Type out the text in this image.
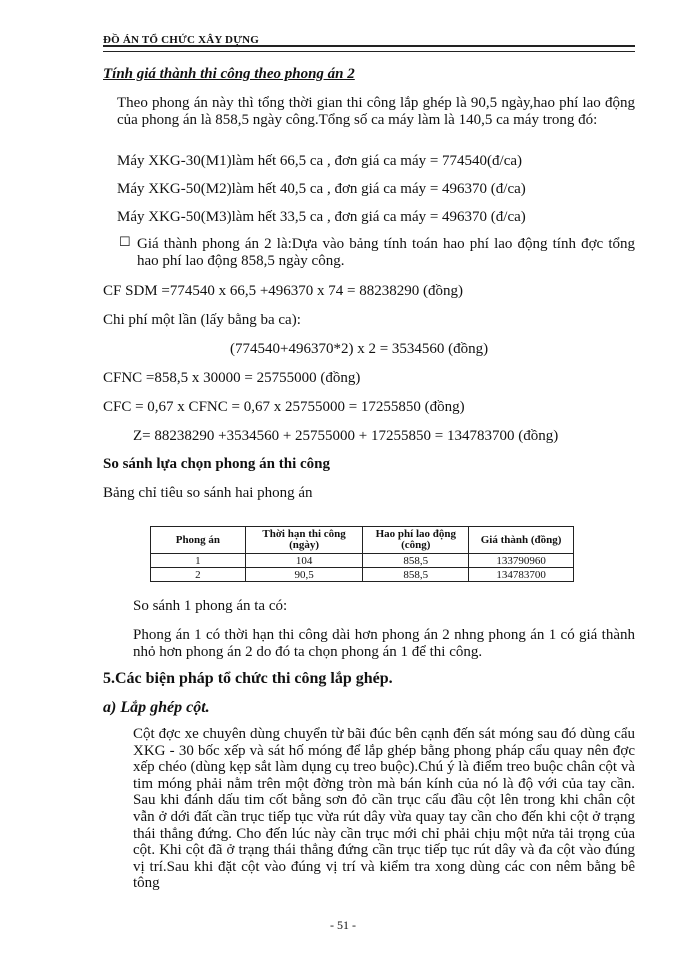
ĐỒ ÁN TỔ CHỨC XÂY DỰNG
Tính giá thành thi công theo phong án 2
Theo phong án này thì tổng thời gian thi công lắp ghép là 90,5 ngày,hao phí lao động của phong án là 858,5 ngày công.Tổng số ca máy làm là 140,5 ca máy trong đó:
Máy XKG-30(M1)làm hết 66,5 ca , đơn giá ca máy = 774540(đ/ca)
Máy XKG-50(M2)làm hết 40,5 ca , đơn giá ca máy = 496370 (đ/ca)
Máy XKG-50(M3)làm hết 33,5 ca , đơn giá ca máy = 496370 (đ/ca)
☐ Giá thành phong án 2 là:Dựa vào bảng tính toán hao phí lao động tính đợc tổng hao phí lao động 858,5 ngày công.
CF SDM =774540 x 66,5 +496370 x 74 = 88238290 (đồng)
Chi phí một lần (lấy bằng ba ca):
(774540+496370*2) x 2 = 3534560 (đồng)
CFNC =858,5 x 30000 = 25755000 (đồng)
CFC = 0,67 x CFNC = 0,67 x 25755000 = 17255850 (đồng)
Z= 88238290 +3534560 + 25755000 + 17255850 = 134783700 (đồng)
So sánh lựa chọn phong án thi công
Bảng chỉ tiêu so sánh hai phong án
Phong án	Thời hạn thi công (ngày)	Hao phí lao động (công)	Giá thành (đồng)
1	104	858,5	133790960
2	90,5	858,5	134783700
So sánh 1 phong án ta có:
Phong án 1 có thời hạn thi công dài hơn phong án 2 nhng phong án 1 có giá thành nhỏ hơn phong án 2 do đó ta chọn phong án 1 để thi công.
5.Các biện pháp tổ chức thi công lắp ghép.
a) Lắp ghép cột.
Cột đợc xe chuyên dùng chuyển từ bãi đúc bên cạnh đến sát móng sau đó dùng cẩu XKG - 30 bốc xếp và sát hố móng để lắp ghép bằng phong pháp cẩu quay nên đợc xếp chéo (dùng kẹp sắt làm dụng cụ treo buộc).Chú ý là điểm treo buộc chân cột và tim móng phải nằm trên một đờng tròn mà bán kính của nó là độ với của tay cần. Sau khi đánh dấu tim cốt bằng sơn đỏ cần trục cẩu đầu cột lên trong khi chân cột vẫn ở dới đất cần trục tiếp tục vừa rút dây vừa quay tay cần cho đến khi cột ở trạng thái thẳng đứng. Cho đến lúc này cần trục mới chỉ phải chịu một nửa tải trọng của cột. Khi cột đã ở trạng thái thẳng đứng cần trục tiếp tục rút dây và đa cột vào đúng vị trí.Sau khi đặt cột vào đúng vị trí và kiểm tra xong dùng các con nêm bằng bê tông
- 51 -
